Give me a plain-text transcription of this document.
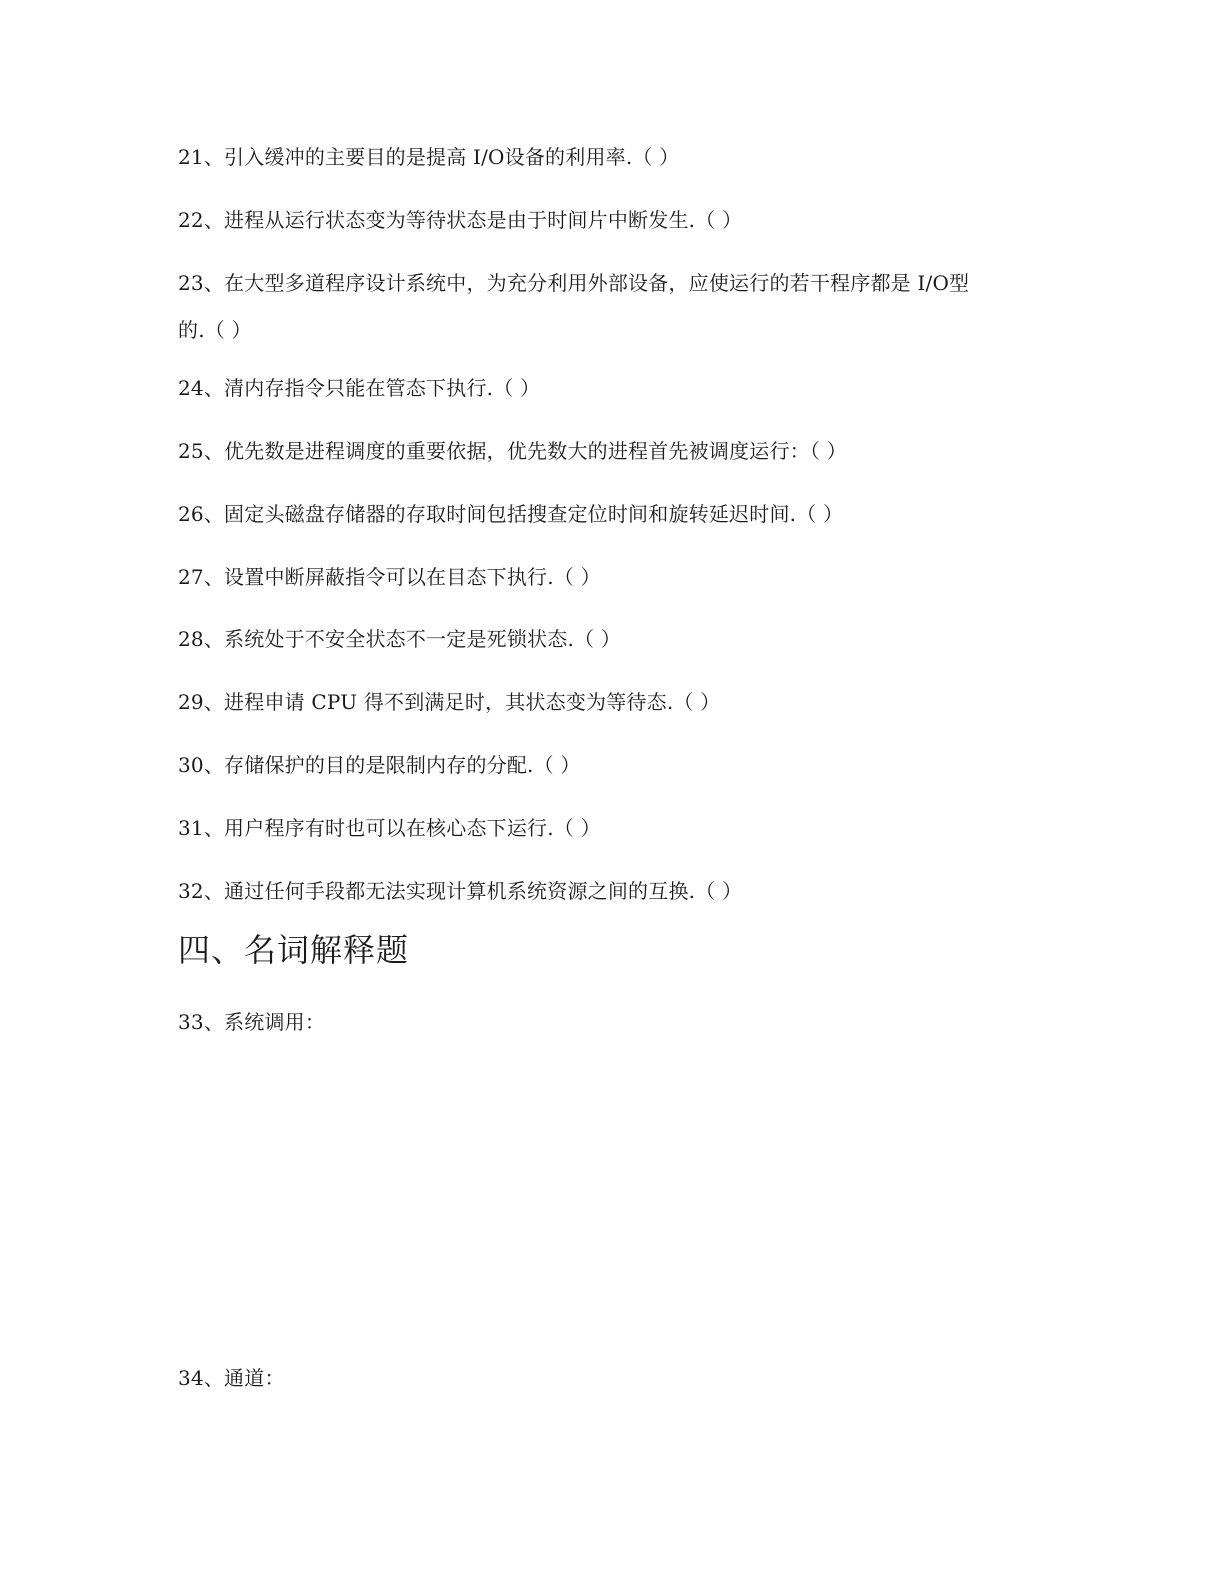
21、引入缓冲的主要目的是提高 I/O设备的利用率.（ ）
22、进程从运行状态变为等待状态是由于时间片中断发生.（ ）
23、在大型多道程序设计系统中，为充分利用外部设备，应使运行的若干程序都是 I/O型
的.（ ）
24、清内存指令只能在管态下执行.（ ）
25、优先数是进程调度的重要依据，优先数大的进程首先被调度运行：（ ）
26、固定头磁盘存储器的存取时间包括搜查定位时间和旋转延迟时间.（ ）
27、设置中断屏蔽指令可以在目态下执行.（ ）
28、系统处于不安全状态不一定是死锁状态.（ ）
29、进程申请 CPU 得不到满足时，其状态变为等待态.（ ）
30、存储保护的目的是限制内存的分配.（ ）
31、用户程序有时也可以在核心态下运行.（ ）
32、通过任何手段都无法实现计算机系统资源之间的互换.（ ）
四、名词解释题
33、系统调用：
34、通道：
